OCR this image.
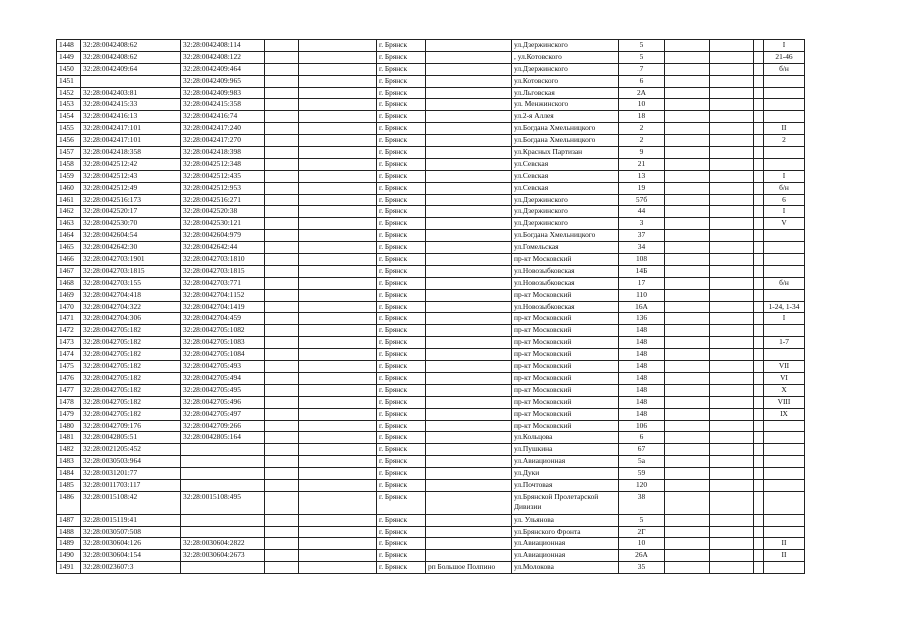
1448	32:28:0042408:62	32:28:0042408:114			г. Брянск		ул.Дзержинского	5				I
1449	32:28:0042408:62	32:28:0042408:122			г. Брянск		, ул.Котовского	5				21-46
1450	32:28:0042409:64	32:28:0042409:464			г. Брянск		ул.Дзержинского	7				б/н
1451		32:28:0042409:965			г. Брянск		ул.Котовского	6				
1452	32:28:0042403:81	32:28:0042409:983			г. Брянск		ул.Льговская	2А				
1453	32:28:0042415:33	32:28:0042415:358			г. Брянск		ул. Менжинского	10				
1454	32:28:0042416:13	32:28:0042416:74			г. Брянск		ул.2-я Аллея	18				
1455	32:28:0042417:101	32:28:0042417:240			г. Брянск		ул.Богдана Хмельницкого	2				II
1456	32:28:0042417:101	32:28:0042417:270			г. Брянск		ул.Богдана Хмельницкого	2				2
1457	32:28:0042418:358	32:28:0042418:398			г. Брянск		ул.Красных Партизан	9				
1458	32:28:0042512:42	32:28:0042512:348			г. Брянск		ул.Севская	21				
1459	32:28:0042512:43	32:28:0042512:435			г. Брянск		ул.Севская	13				I
1460	32:28:0042512:49	32:28:0042512:953			г. Брянск		ул.Севская	19				б/н
1461	32:28:0042516:173	32:28:0042516:271			г. Брянск		ул.Дзержинского	57б				6
1462	32:28:0042520:17	32:28:0042520:38			г. Брянск		ул.Дзержинского	44				I
1463	32:28:0042530:70	32:28:0042530:121			г. Брянск		ул.Дзержинского	3				V
1464	32:28:0042604:54	32:28:0042604:979			г. Брянск		ул.Богдана Хмельницкого	37				
1465	32:28:0042642:30	32:28:0042642:44			г. Брянск		ул.Гомельская	34				
1466	32:28:0042703:1901	32:28:0042703:1810			г. Брянск		пр-кт Московский	108				
1467	32:28:0042703:1815	32:28:0042703:1815			г. Брянск		ул.Новозыбковская	14Б				
1468	32:28:0042703:155	32:28:0042703:771			г. Брянск		ул.Новозыбковская	17				б/н
1469	32:28:0042704:418	32:28:0042704:1152			г. Брянск		пр-кт Московский	110				
1470	32:28:0042704:322	32:28:0042704:1419			г. Брянск		ул.Новозыбковская	16А				1-24, 1-34
1471	32:28:0042704:306	32:28:0042704:459			г. Брянск		пр-кт Московский	136				I
1472	32:28:0042705:182	32:28:0042705:1082			г. Брянск		пр-кт Московский	148				
1473	32:28:0042705:182	32:28:0042705:1083			г. Брянск		пр-кт Московский	148				1-7
1474	32:28:0042705:182	32:28:0042705:1084			г. Брянск		пр-кт Московский	148				
1475	32:28:0042705:182	32:28:0042705:493			г. Брянск		пр-кт Московский	148				VII
1476	32:28:0042705:182	32:28:0042705:494			г. Брянск		пр-кт Московский	148				VI
1477	32:28:0042705:182	32:28:0042705:495			г. Брянск		пр-кт Московский	148				X
1478	32:28:0042705:182	32:28:0042705:496			г. Брянск		пр-кт Московский	148				VIII
1479	32:28:0042705:182	32:28:0042705:497			г. Брянск		пр-кт Московский	148				IX
1480	32:28:0042709:176	32:28:0042709:266			г. Брянск		пр-кт Московский	106				
1481	32:28:0042805:51	32:28:0042805:164			г. Брянск		ул.Кольцова	6				
1482	32:28:0021205:452				г. Брянск		ул.Пушкина	67				
1483	32:28:0030503:964				г. Брянск		ул.Авиационная	5а				
1484	32:28:0031201:77				г. Брянск		ул.Дуки	59				
1485	32:28:0011703:117				г. Брянск		ул.Почтовая	120				
1486	32:28:0015108:42	32:28:0015108:495			г. Брянск		ул.Брянской Пролетарской Дивизии	38				
1487	32:28:0015119:41				г. Брянск		ул. Ульянова	5				
1488	32:28:0030507:508				г. Брянск		ул.Брянского Фронта	2Г				
1489	32:28:0030604:126	32:28:0030604:2822			г. Брянск		ул.Авиационная	10				II
1490	32:28:0030604:154	32:28:0030604:2673			г. Брянск		ул.Авиационная	26А				II
1491	32:28:0023607:3				г. Брянск	рп Большое Полпино	ул.Молокова	35				
